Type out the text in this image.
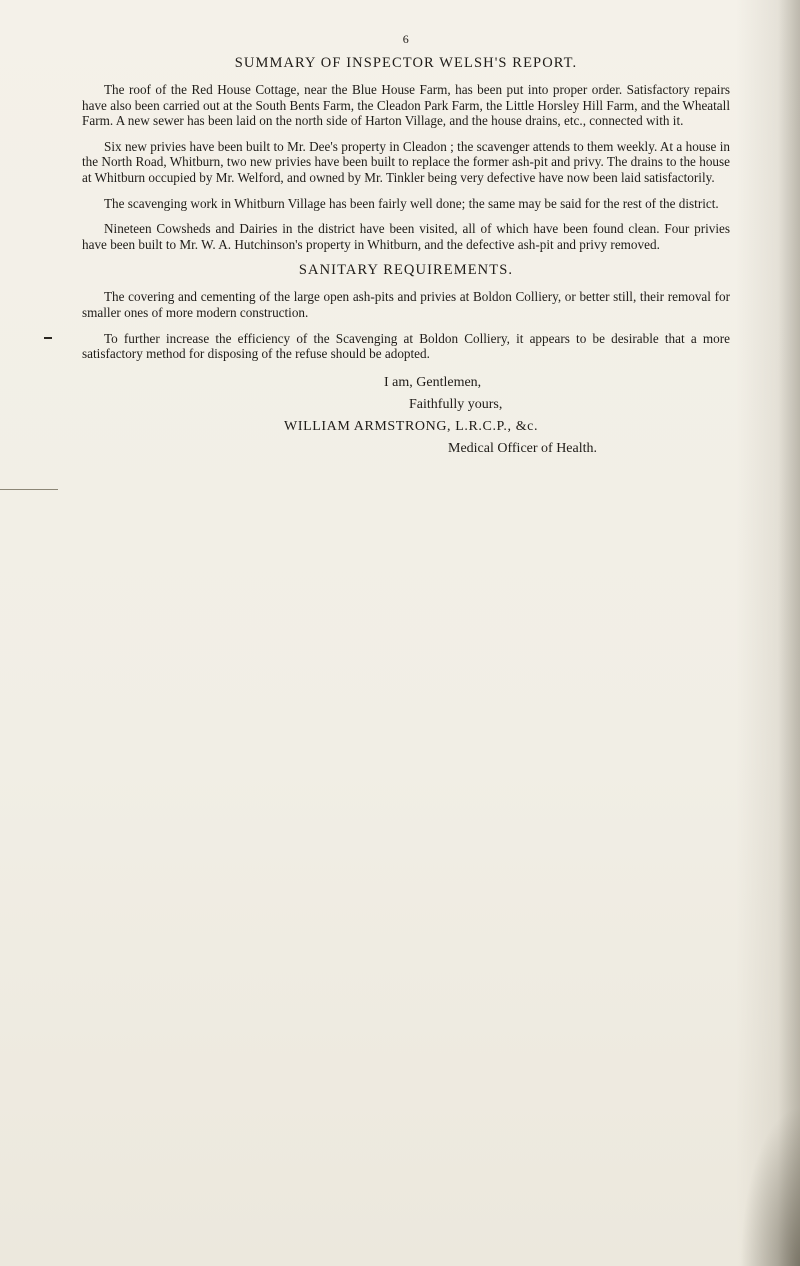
6
SUMMARY OF INSPECTOR WELSH'S REPORT.

The roof of the Red House Cottage, near the Blue House Farm, has been put into proper order. Satisfactory repairs have also been carried out at the South Bents Farm, the Cleadon Park Farm, the Little Horsley Hill Farm, and the Wheatall Farm. A new sewer has been laid on the north side of Harton Village, and the house drains, etc., connected with it.

Six new privies have been built to Mr. Dee's property in Cleadon ; the scavenger attends to them weekly. At a house in the North Road, Whitburn, two new privies have been built to replace the former ash-pit and privy. The drains to the house at Whitburn occupied by Mr. Welford, and owned by Mr. Tinkler being very defective have now been laid satisfactorily.

The scavenging work in Whitburn Village has been fairly well done; the same may be said for the rest of the district.

Nineteen Cowsheds and Dairies in the district have been visited, all of which have been found clean. Four privies have been built to Mr. W. A. Hutchinson's property in Whitburn, and the defective ash-pit and privy removed.

SANITARY REQUIREMENTS.

The covering and cementing of the large open ash-pits and privies at Boldon Colliery, or better still, their removal for smaller ones of more modern construction.

To further increase the efficiency of the Scavenging at Boldon Colliery, it appears to be desirable that a more satisfactory method for disposing of the refuse should be adopted.

I am, Gentlemen,
Faithfully yours,
WILLIAM ARMSTRONG, L.R.C.P., &c.
Medical Officer of Health.
